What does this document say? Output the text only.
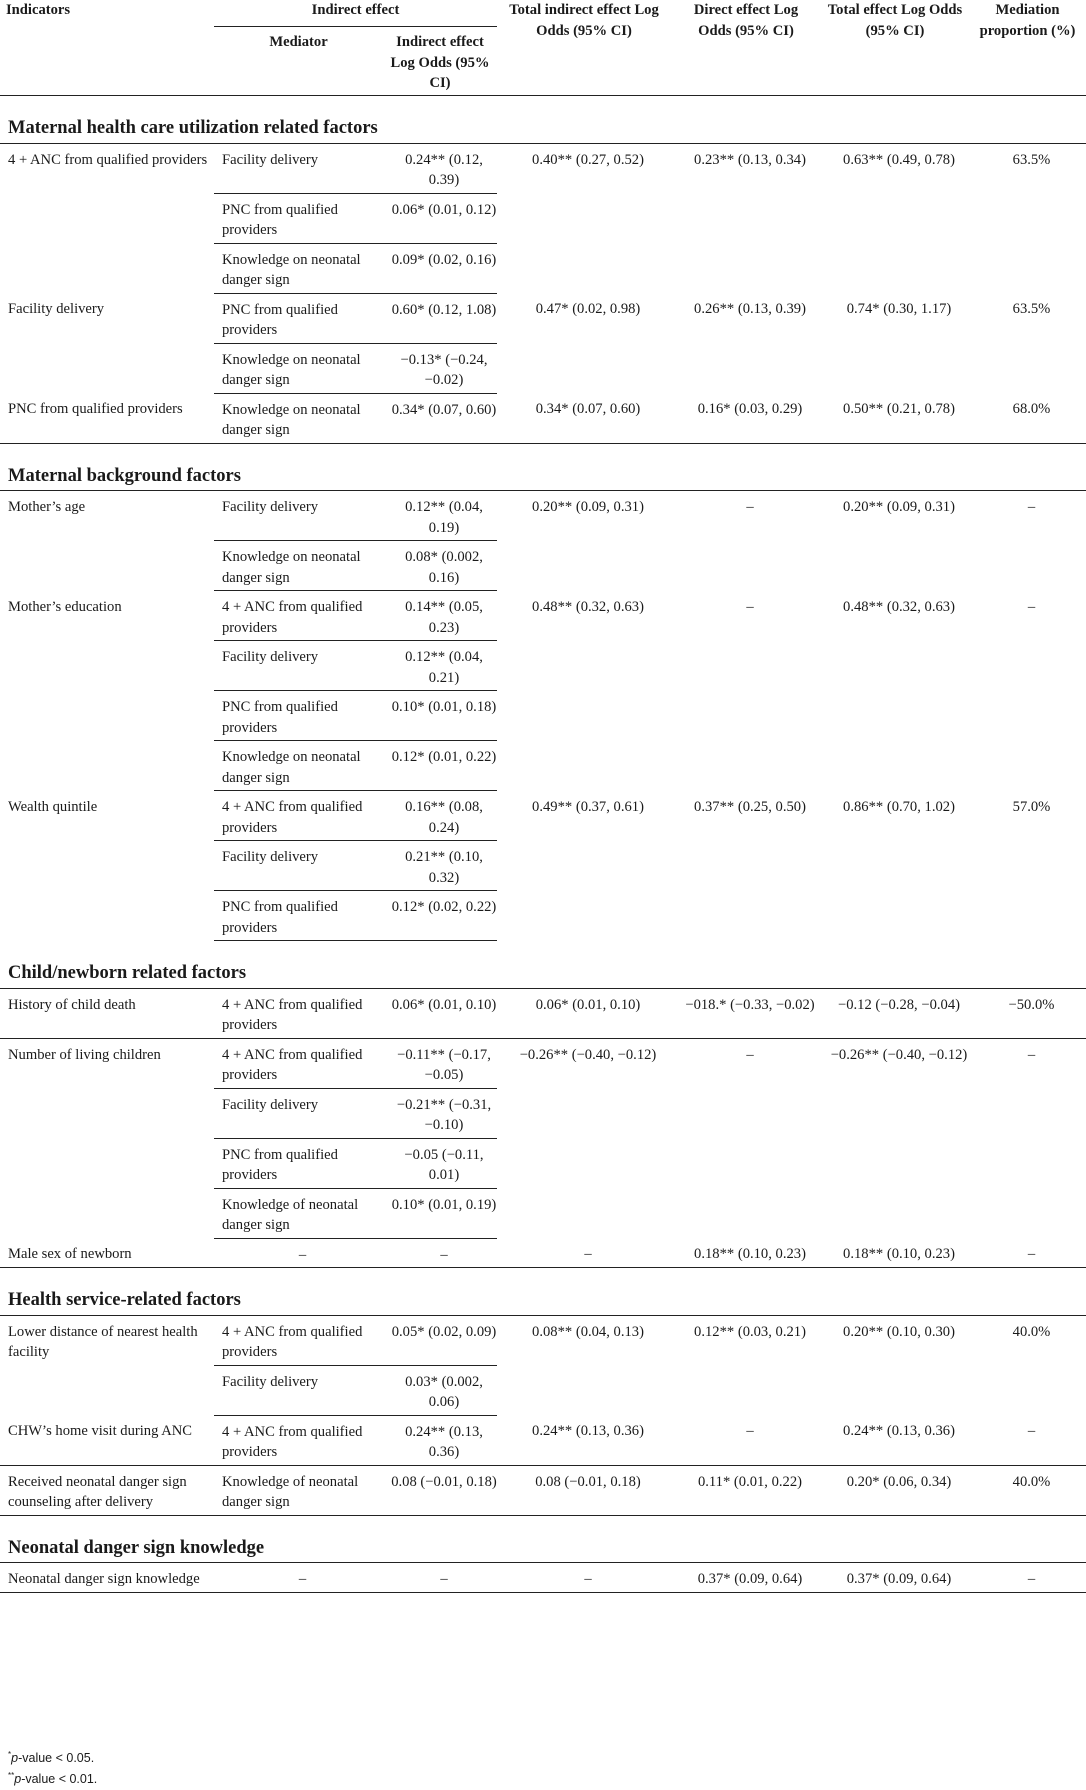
Indicators	Indirect effect		Total indirect effect Log Odds (95% CI)	Direct effect Log Odds (95% CI)	Total effect Log Odds (95% CI)	Mediation proportion (%)
	Mediator	Indirect effect Log Odds (95% CI)				
Maternal health care utilization related factors						
4 + ANC from qualified providers	Facility delivery	0.24** (0.12, 0.39)	0.40** (0.27, 0.52)	0.23** (0.13, 0.34)	0.63** (0.49, 0.78)	63.5%
	PNC from qualified providers	0.06* (0.01, 0.12)				
	Knowledge on neonatal danger sign	0.09* (0.02, 0.16)				
Facility delivery	PNC from qualified providers	0.60* (0.12, 1.08)	0.47* (0.02, 0.98)	0.26** (0.13, 0.39)	0.74* (0.30, 1.17)	63.5%
	Knowledge on neonatal danger sign	−0.13* (−0.24, −0.02)				
PNC from qualified providers	Knowledge on neonatal danger sign	0.34* (0.07, 0.60)	0.34* (0.07, 0.60)	0.16* (0.03, 0.29)	0.50** (0.21, 0.78)	68.0%
Maternal background factors						
Mother’s age	Facility delivery	0.12** (0.04, 0.19)	0.20** (0.09, 0.31)	–	0.20** (0.09, 0.31)	–
	Knowledge on neonatal danger sign	0.08* (0.002, 0.16)				
Mother’s education	4 + ANC from qualified providers	0.14** (0.05, 0.23)	0.48** (0.32, 0.63)	–	0.48** (0.32, 0.63)	–
	Facility delivery	0.12** (0.04, 0.21)				
	PNC from qualified providers	0.10* (0.01, 0.18)				
	Knowledge on neonatal danger sign	0.12* (0.01, 0.22)				
Wealth quintile	4 + ANC from qualified providers	0.16** (0.08, 0.24)	0.49** (0.37, 0.61)	0.37** (0.25, 0.50)	0.86** (0.70, 1.02)	57.0%
	Facility delivery	0.21** (0.10, 0.32)				
	PNC from qualified providers	0.12* (0.02, 0.22)				
Child/newborn related factors						
History of child death	4 + ANC from qualified providers	0.06* (0.01, 0.10)	0.06* (0.01, 0.10)	−018.* (−0.33, −0.02)	−0.12 (−0.28, −0.04)	−50.0%
Number of living children	4 + ANC from qualified providers	−0.11** (−0.17, −0.05)	−0.26** (−0.40, −0.12)	–	−0.26** (−0.40, −0.12)	–
	Facility delivery	−0.21** (−0.31, −0.10)				
	PNC from qualified providers	−0.05 (−0.11, 0.01)				
	Knowledge of neonatal danger sign	0.10* (0.01, 0.19)				
Male sex of newborn	–	–	–	0.18** (0.10, 0.23)	0.18** (0.10, 0.23)	–
Health service-related factors						
Lower distance of nearest health facility	4 + ANC from qualified providers	0.05* (0.02, 0.09)	0.08** (0.04, 0.13)	0.12** (0.03, 0.21)	0.20** (0.10, 0.30)	40.0%
	Facility delivery	0.03* (0.002, 0.06)				
CHW’s home visit during ANC	4 + ANC from qualified providers	0.24** (0.13, 0.36)	0.24** (0.13, 0.36)	–	0.24** (0.13, 0.36)	–
Received neonatal danger sign counseling after delivery	Knowledge of neonatal danger sign	0.08 (−0.01, 0.18)	0.08 (−0.01, 0.18)	0.11* (0.01, 0.22)	0.20* (0.06, 0.34)	40.0%
Neonatal danger sign knowledge						
Neonatal danger sign knowledge	–	–	–	0.37* (0.09, 0.64)	0.37* (0.09, 0.64)	–
*p-value < 0.05.
**p-value < 0.01.
